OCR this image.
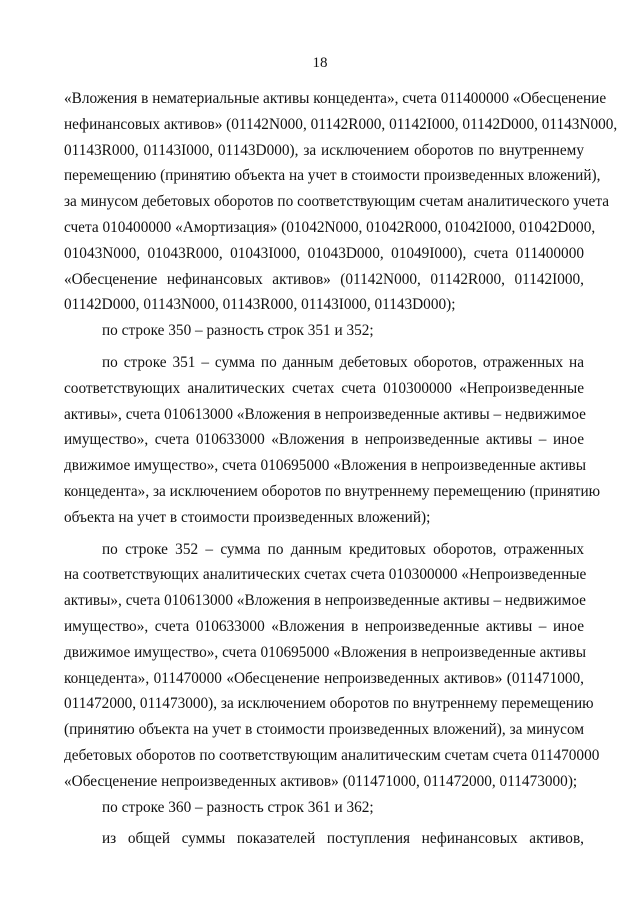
18
«Вложения в нематериальные активы концедента», счета 011400000 «Обесценение
нефинансовых активов» (01142N000, 01142R000, 01142I000, 01142D000, 01143N000,
01143R000, 01143I000, 01143D000), за исключением оборотов по внутреннему
перемещению (принятию объекта на учет в стоимости произведенных вложений),
за минусом дебетовых оборотов по соответствующим счетам аналитического учета
счета 010400000 «Амортизация» (01042N000, 01042R000, 01042I000, 01042D000,
01043N000, 01043R000, 01043I000, 01043D000, 01049I000), счета 011400000
«Обесценение нефинансовых активов» (01142N000, 01142R000, 01142I000,
01142D000, 01143N000, 01143R000, 01143I000, 01143D000);
по строке 350 – разность строк 351 и 352;
по строке 351 – сумма по данным дебетовых оборотов, отраженных на
соответствующих аналитических счетах счета 010300000 «Непроизведенные
активы», счета 010613000 «Вложения в непроизведенные активы – недвижимое
имущество», счета 010633000 «Вложения в непроизведенные активы – иное
движимое имущество», счета 010695000 «Вложения в непроизведенные активы
концедента», за исключением оборотов по внутреннему перемещению (принятию
объекта на учет в стоимости произведенных вложений);
по строке 352 – сумма по данным кредитовых оборотов, отраженных
на соответствующих аналитических счетах счета 010300000 «Непроизведенные
активы», счета 010613000 «Вложения в непроизведенные активы – недвижимое
имущество», счета 010633000 «Вложения в непроизведенные активы – иное
движимое имущество», счета 010695000 «Вложения в непроизведенные активы
концедента», 011470000 «Обесценение непроизведенных активов» (011471000,
011472000, 011473000), за исключением оборотов по внутреннему перемещению
(принятию объекта на учет в стоимости произведенных вложений), за минусом
дебетовых оборотов по соответствующим аналитическим счетам счета 011470000
«Обесценение непроизведенных активов» (011471000, 011472000, 011473000);
по строке 360 – разность строк 361 и 362;
из общей суммы показателей поступления нефинансовых активов,
